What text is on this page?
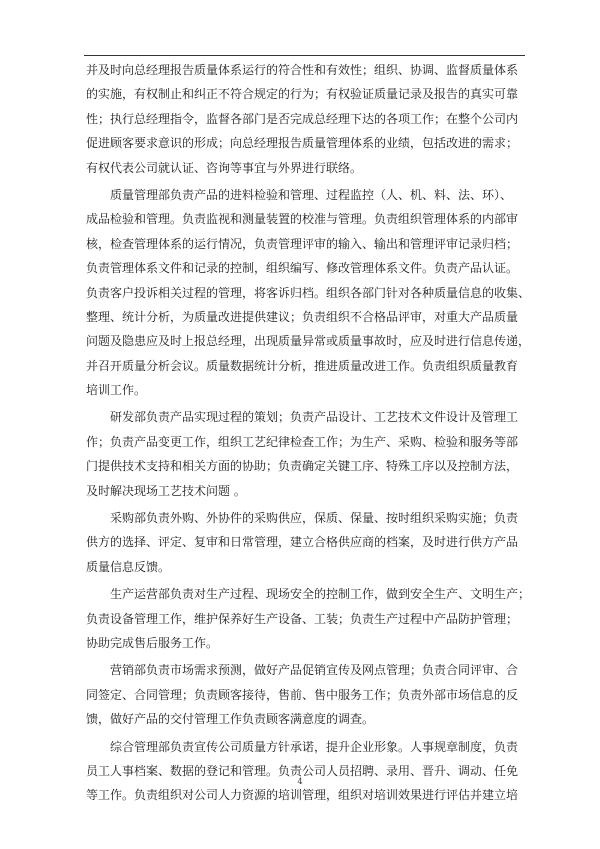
并及时向总经理报告质量体系运行的符合性和有效性；组织、协调、监督质量体系
的实施，有权制止和纠正不符合规定的行为；有权验证质量记录及报告的真实可靠
性；执行总经理指令，监督各部门是否完成总经理下达的各项工作；在整个公司内
促进顾客要求意识的形成；向总经理报告质量管理体系的业绩，包括改进的需求；
有权代表公司就认证、咨询等事宜与外界进行联络。
　　质量管理部负责产品的进料检验和管理、过程监控（人、机、料、法、环）、
成品检验和管理。负责监视和测量装置的校准与管理。负责组织管理体系的内部审
核，检查管理体系的运行情况，负责管理评审的输入、输出和管理评审记录归档；
负责管理体系文件和记录的控制，组织编写、修改管理体系文件。负责产品认证。
负责客户投诉相关过程的管理，将客诉归档。组织各部门针对各种质量信息的收集、
整理、统计分析，为质量改进提供建议；负责组织不合格品评审，对重大产品质量
问题及隐患应及时上报总经理，出现质量异常或质量事故时，应及时进行信息传递，
并召开质量分析会议。质量数据统计分析，推进质量改进工作。负责组织质量教育
培训工作。
　　研发部负责产品实现过程的策划；负责产品设计、工艺技术文件设计及管理工
作；负责产品变更工作，组织工艺纪律检查工作；为生产、采购、检验和服务等部
门提供技术支持和相关方面的协助；负责确定关键工序、特殊工序以及控制方法，
及时解决现场工艺技术问题 。
　　采购部负责外购、外协件的采购供应，保质、保量、按时组织采购实施；负责
供方的选择、评定、复审和日常管理，建立合格供应商的档案，及时进行供方产品
质量信息反馈。
　　生产运营部负责对生产过程、现场安全的控制工作，做到安全生产、文明生产；
负责设备管理工作，维护保养好生产设备、工装；负责生产过程中产品防护管理；
协助完成售后服务工作。
　　营销部负责市场需求预测，做好产品促销宣传及网点管理；负责合同评审、合
同签定、合同管理；负责顾客接待，售前、售中服务工作；负责外部市场信息的反
馈，做好产品的交付管理工作负责顾客满意度的调查。
　　综合管理部负责宣传公司质量方针承诺，提升企业形象。人事规章制度，负责
员工人事档案、数据的登记和管理。负责公司人员招聘、录用、晋升、调动、任免
等工作。负责组织对公司人力资源的培训管理，组织对培训效果进行评估并建立培
4
